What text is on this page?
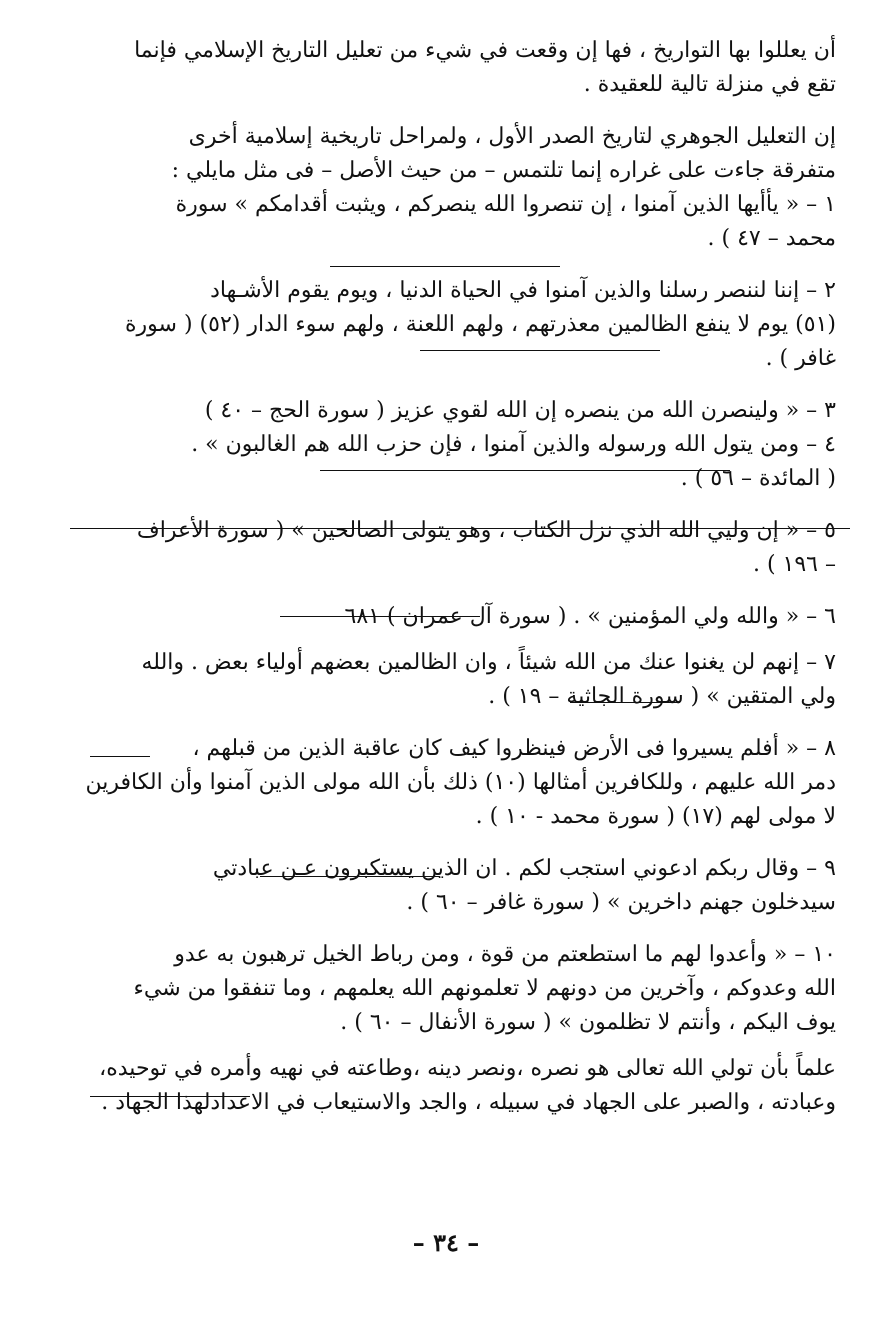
أن يعللوا بها التواريخ ، فها إن وقعت في شيء من تعليل التاريخ الإسلامي فإنما
تقع في منزلة تالية للعقيدة .
إن التعليل الجوهري لتاريخ الصدر الأول ، ولمراحل تاريخية إسلامية أخرى
متفرقة جاءت على غراره إنما تلتمس – من حيث الأصل – فى مثل مايلي :
١ – « يأأيها الذين آمنوا ، إن تنصروا الله ينصركم ، ويثبت أقدامكم » سورة
محمد – ٤٧ ) .
٢ – إننا لننصر رسلنا والذين آمنوا في الحياة الدنيا ، ويوم يقوم الأشـهاد
(٥١) يوم لا ينفع الظالمين معذرتهم ، ولهم اللعنة ، ولهم سوء الدار (٥٢) ( سورة
غافر ) .
٣ – « ولينصرن الله من ينصره إن الله لقوي عزيز ( سورة الحج – ٤٠ )
٤ – ومن يتول الله ورسوله والذين آمنوا ، فإن حزب الله هم الغالبون » .
( المائدة – ٥٦ ) .
٥ – « إن وليي الله الذي نزل الكتاب ، وهو يتولى الصالحين » ( سورة الأعراف
– ١٩٦ ) .
٦ – « والله ولي المؤمنين » . ( سورة آل عمران ) ٦٨١
٧ – إنهم لن يغنوا عنك من الله شيئاً ، وان الظالمين بعضهم أولياء بعض . والله
ولي المتقين » ( سورة الجاثية – ١٩ ) .
٨ – « أفلم يسيروا فى الأرض فينظروا كيف كان عاقبة الذين من قبلهم ،
دمر الله عليهم ، وللكافرين أمثالها (١٠) ذلك بأن الله مولى الذين آمنوا وأن الكافرين
لا مولى لهم (١٧) ( سورة محمد - ١٠ ) .
٩ – وقال ربكم ادعوني استجب لكم . ان الذين يستكبرون عـن عبادتي
سيدخلون جهنم داخرين » ( سورة غافر – ٦٠ ) .
١٠ – « وأعدوا لهم ما استطعتم من قوة ، ومن رباط الخيل ترهبون به عدو
الله وعدوكم ، وآخرين من دونهم لا تعلمونهم الله يعلمهم ، وما تنفقوا من شيء
يوف اليكم ، وأنتم لا تظلمون » ( سورة الأنفال – ٦٠ ) .
علماً بأن تولي الله تعالى هو نصره ،ونصر دينه ،وطاعته في نهيه وأمره في توحيده،
وعبادته ، والصبر على الجهاد في سبيله ، والجد والاستيعاب في الاعدادلهذا الجهاد .
– ٣٤ –
